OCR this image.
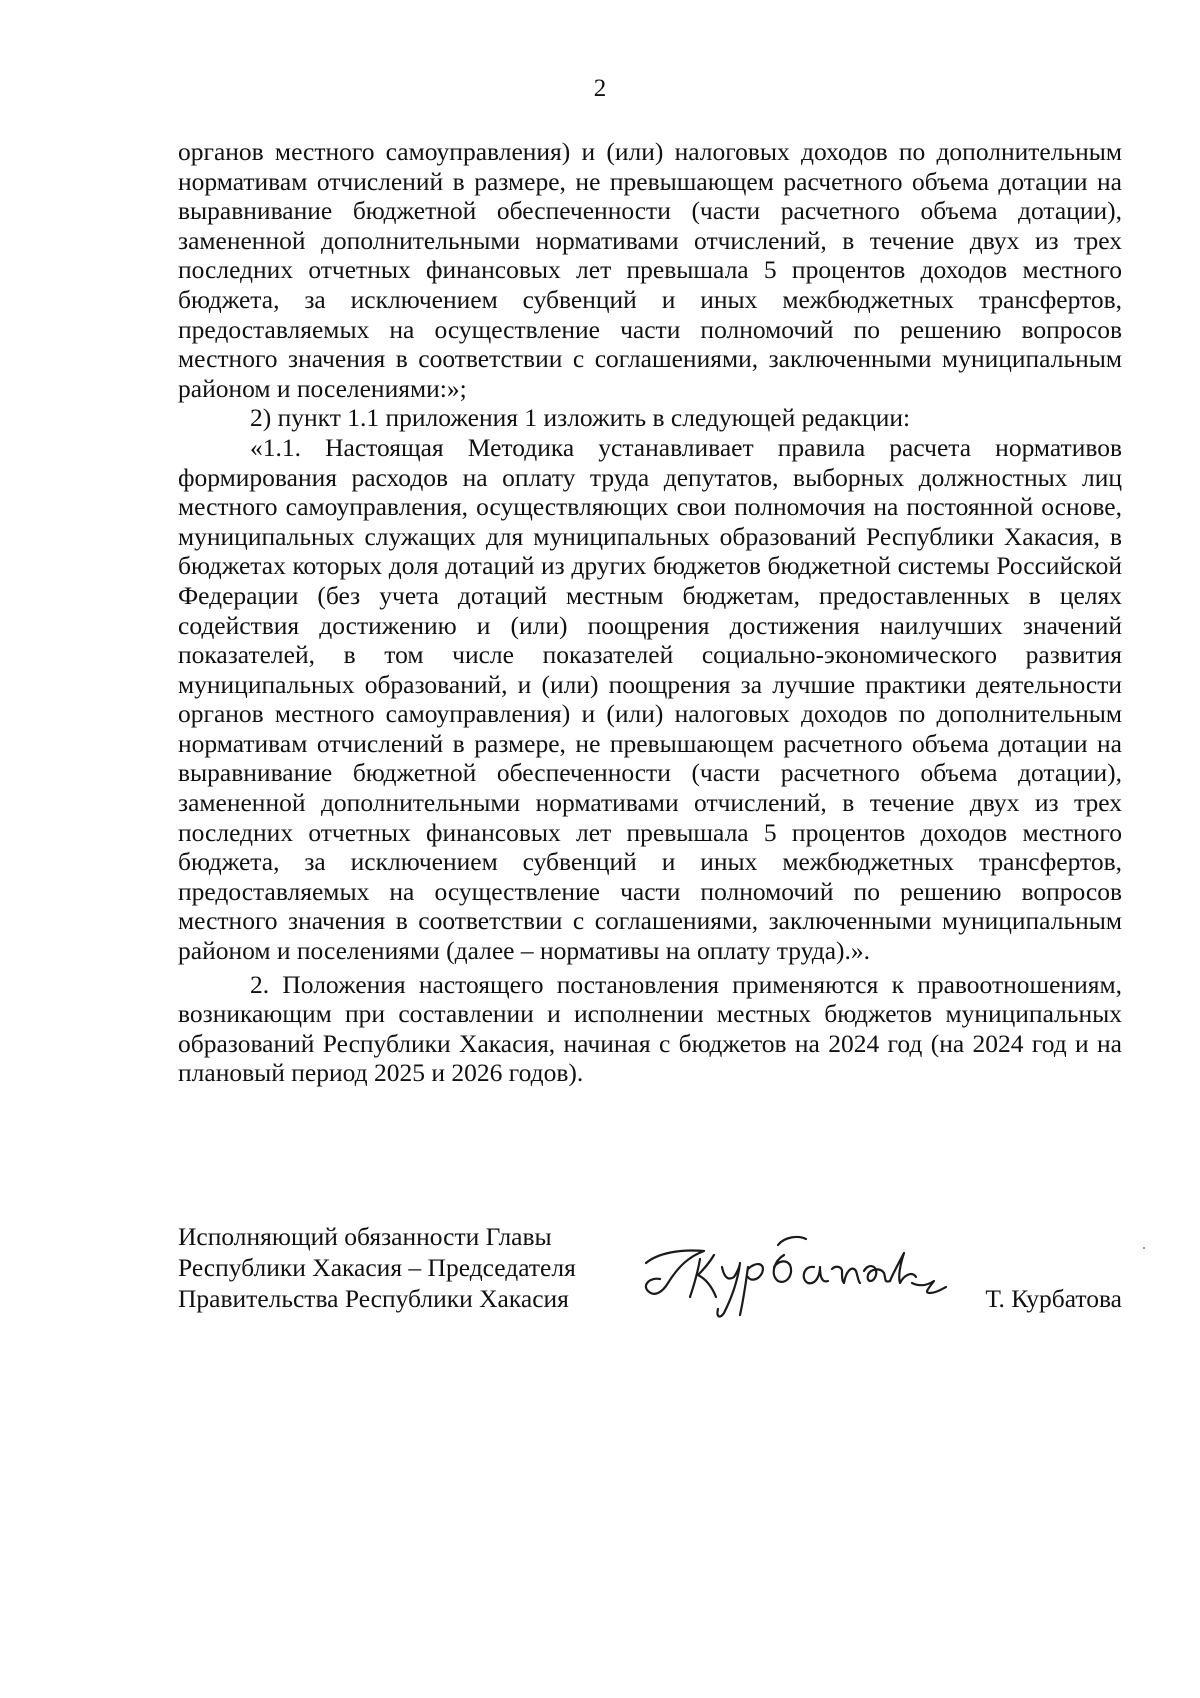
2

органов местного самоуправления) и (или) налоговых доходов по дополнительным нормативам отчислений в размере, не превышающем расчетного объема дотации на выравнивание бюджетной обеспеченности (части расчетного объема дотации), замененной дополнительными нормативами отчислений, в течение двух из трех последних отчетных финансовых лет превышала 5 процентов доходов местного бюджета, за исключением субвенций и иных межбюджетных трансфертов, предоставляемых на осуществление части полномочий по решению вопросов местного значения в соответствии с соглашениями, заключенными муниципальным районом и поселениями:»;

2) пункт 1.1 приложения 1 изложить в следующей редакции:

«1.1. Настоящая Методика устанавливает правила расчета нормативов формирования расходов на оплату труда депутатов, выборных должностных лиц местного самоуправления, осуществляющих свои полномочия на постоянной основе, муниципальных служащих для муниципальных образований Республики Хакасия, в бюджетах которых доля дотаций из других бюджетов бюджетной системы Российской Федерации (без учета дотаций местным бюджетам, предоставленных в целях содействия достижению и (или) поощрения достижения наилучших значений показателей, в том числе показателей социально-экономического развития муниципальных образований, и (или) поощрения за лучшие практики деятельности органов местного самоуправления) и (или) налоговых доходов по дополнительным нормативам отчислений в размере, не превышающем расчетного объема дотации на выравнивание бюджетной обеспеченности (части расчетного объема дотации), замененной дополнительными нормативами отчислений, в течение двух из трех последних отчетных финансовых лет превышала 5 процентов доходов местного бюджета, за исключением субвенций и иных межбюджетных трансфертов, предоставляемых на осуществление части полномочий по решению вопросов местного значения в соответствии с соглашениями, заключенными муниципальным районом и поселениями (далее – нормативы на оплату труда).».

2. Положения настоящего постановления применяются к правоотношениям, возникающим при составлении и исполнении местных бюджетов муниципальных образований Республики Хакасия, начиная с бюджетов на 2024 год (на 2024 год и на плановый период 2025 и 2026 годов).

Исполняющий обязанности Главы
Республики Хакасия – Председателя
Правительства Республики Хакасия	Т. Курбатова
